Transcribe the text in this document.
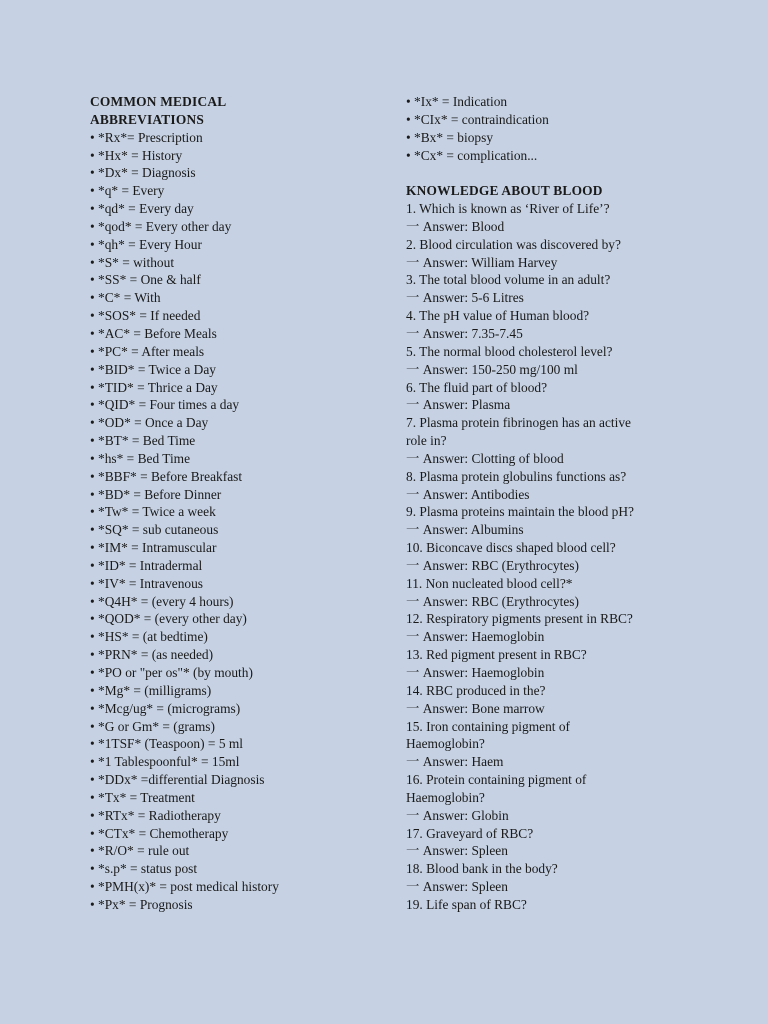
COMMON MEDICAL
ABBREVIATIONS
• *Rx*= Prescription
• *Hx* = History
• *Dx* = Diagnosis
• *q* = Every
• *qd* = Every day
• *qod* = Every other day
• *qh* = Every Hour
• *S* = without
• *SS* = One & half
• *C* = With
• *SOS* = If needed
• *AC* = Before Meals
• *PC* = After meals
• *BID* = Twice a Day
• *TID* = Thrice a Day
• *QID* = Four times a day
• *OD* = Once a Day
• *BT* = Bed Time
• *hs* = Bed Time
• *BBF* = Before Breakfast
• *BD* = Before Dinner
• *Tw* = Twice a week
• *SQ* = sub cutaneous
• *IM* = Intramuscular
• *ID* = Intradermal
• *IV* = Intravenous
• *Q4H* = (every 4 hours)
• *QOD* = (every other day)
• *HS* = (at bedtime)
• *PRN* = (as needed)
• *PO or "per os"* (by mouth)
• *Mg* = (milligrams)
• *Mcg/ug* = (micrograms)
• *G or Gm* = (grams)
• *1TSF* (Teaspoon) = 5 ml
• *1 Tablespoonful* = 15ml
• *DDx* =differential Diagnosis
• *Tx* = Treatment
• *RTx* = Radiotherapy
• *CTx* = Chemotherapy
• *R/O* = rule out
• *s.p* = status post
• *PMH(x)* = post medical history
• *Px* = Prognosis
• *Ix* = Indication
• *CIx* = contraindication
• *Bx* = biopsy
• *Cx* = complication...
KNOWLEDGE ABOUT BLOOD
1. Which is known as ‘River of Life’?
一 Answer: Blood
2. Blood circulation was discovered by?
一 Answer: William Harvey
3. The total blood volume in an adult?
一 Answer: 5-6 Litres
4. The pH value of Human blood?
一 Answer: 7.35-7.45
5. The normal blood cholesterol level?
一 Answer: 150-250 mg/100 ml
6. The fluid part of blood?
一 Answer: Plasma
7. Plasma protein fibrinogen has an active
role in?
一 Answer: Clotting of blood
8. Plasma protein globulins functions as?
一 Answer: Antibodies
9. Plasma proteins maintain the blood pH?
一 Answer: Albumins
10. Biconcave discs shaped blood cell?
一 Answer: RBC (Erythrocytes)
11. Non nucleated blood cell?*
一 Answer: RBC (Erythrocytes)
12. Respiratory pigments present in RBC?
一 Answer: Haemoglobin
13. Red pigment present in RBC?
一 Answer: Haemoglobin
14. RBC produced in the?
一 Answer: Bone marrow
15. Iron containing pigment of
Haemoglobin?
一 Answer: Haem
16. Protein containing pigment of
Haemoglobin?
一 Answer: Globin
17. Graveyard of RBC?
一 Answer: Spleen
18. Blood bank in the body?
一 Answer: Spleen
19. Life span of RBC?
